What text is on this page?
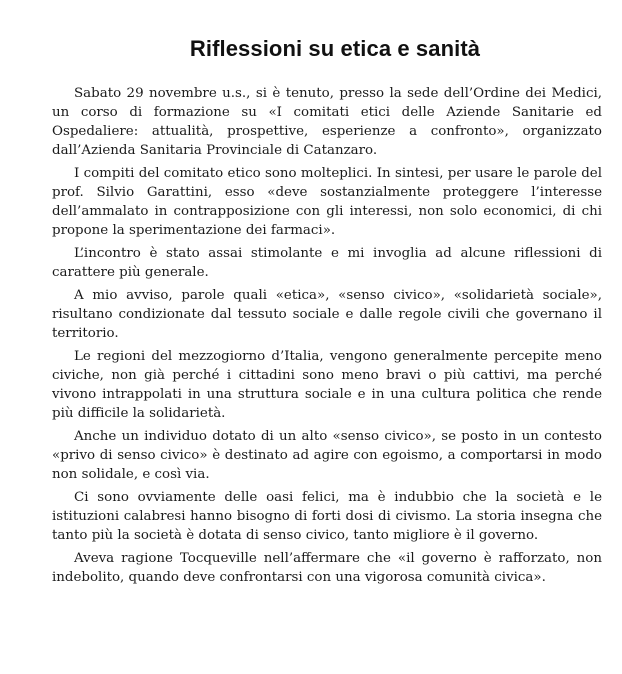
Riflessioni su etica e sanità

Sabato 29 novembre u.s., si è tenuto, presso la sede dell’Ordine dei Medici, un corso di formazione su «I comitati etici delle Aziende Sanitarie ed Ospedaliere: attualità, prospettive, esperienze a confronto», organizzato dall’Azienda Sanitaria Provinciale di Catanzaro.

I compiti del comitato etico sono molteplici. In sintesi, per usare le parole del prof. Silvio Garattini, esso «deve sostanzialmente proteggere l’interesse dell’ammalato in contrapposizione con gli interessi, non solo economici, di chi propone la sperimentazione dei farmaci».

L’incontro è stato assai stimolante e mi invoglia ad alcune riflessioni di carattere più generale.

A mio avviso, parole quali «etica», «senso civico», «solidarietà sociale», risultano condizionate dal tessuto sociale e dalle regole civili che governano il territorio.

Le regioni del mezzogiorno d’Italia, vengono generalmente percepite meno civiche, non già perché i cittadini sono meno bravi o più cattivi, ma perché vivono intrappolati in una struttura sociale e in una cultura politica che rende più difficile la solidarietà.

Anche un individuo dotato di un alto «senso civico», se posto in un contesto «privo di senso civico» è destinato ad agire con egoismo, a comportarsi in modo non solidale, e così via.

Ci sono ovviamente delle oasi felici, ma è indubbio che la società e le istituzioni calabresi hanno bisogno di forti dosi di civismo. La storia insegna che tanto più la società è dotata di senso civico, tanto migliore è il governo.

Aveva ragione Tocqueville nell’affermare che «il governo è rafforzato, non indebolito, quando deve confrontarsi con una vigorosa comunità civica».
